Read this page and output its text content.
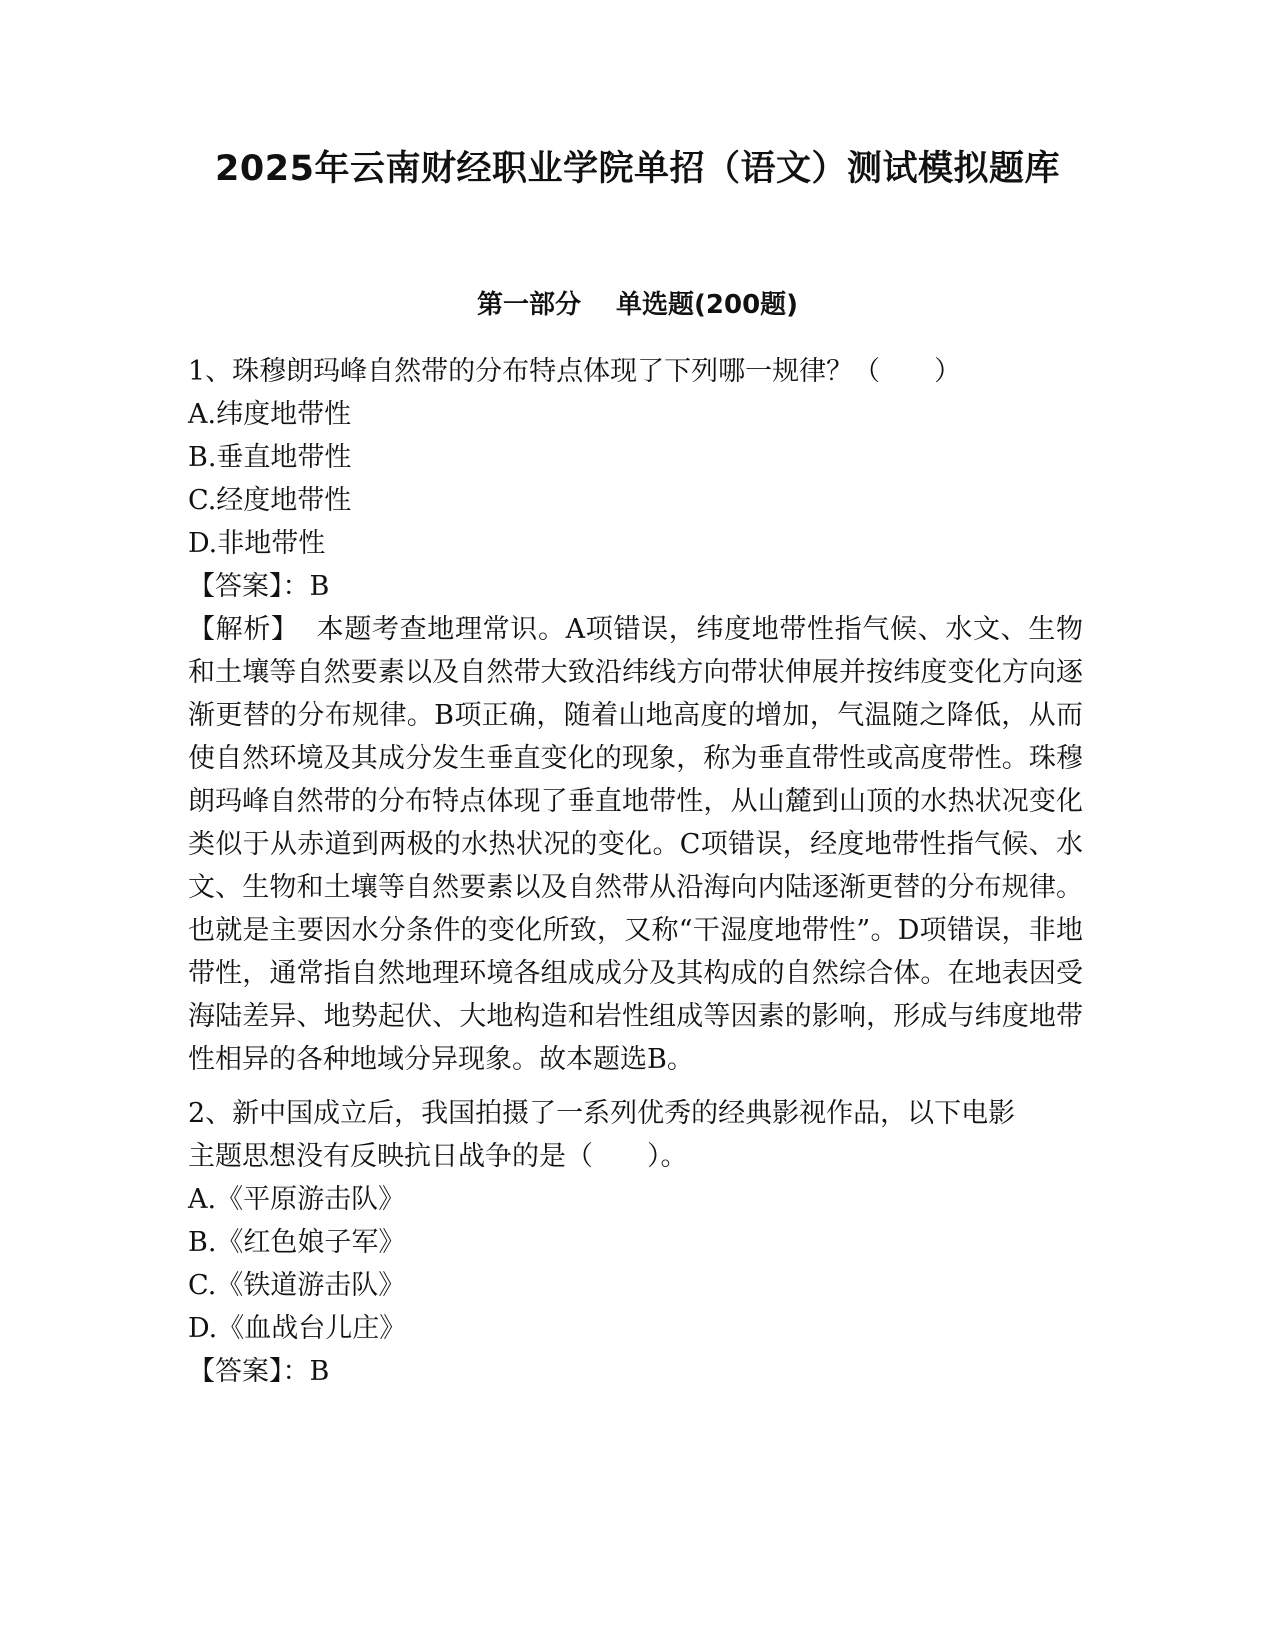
2025年云南财经职业学院单招（语文）测试模拟题库
第一部分　 单选题(200题)
1、珠穆朗玛峰自然带的分布特点体现了下列哪一规律？（　　）
A.纬度地带性
B.垂直地带性
C.经度地带性
D.非地带性
【答案】：B
【解析】 本题考查地理常识。A项错误，纬度地带性指气候、水文、生物和土壤等自然要素以及自然带大致沿纬线方向带状伸展并按纬度变化方向逐渐更替的分布规律。B项正确，随着山地高度的增加，气温随之降低，从而使自然环境及其成分发生垂直变化的现象，称为垂直带性或高度带性。珠穆朗玛峰自然带的分布特点体现了垂直地带性，从山麓到山顶的水热状况变化类似于从赤道到两极的水热状况的变化。C项错误，经度地带性指气候、水文、生物和土壤等自然要素以及自然带从沿海向内陆逐渐更替的分布规律。也就是主要因水分条件的变化所致，又称“干湿度地带性”。D项错误，非地带性，通常指自然地理环境各组成成分及其构成的自然综合体。在地表因受海陆差异、地势起伏、大地构造和岩性组成等因素的影响，形成与纬度地带性相异的各种地域分异现象。故本题选B。
2、新中国成立后，我国拍摄了一系列优秀的经典影视作品，以下电影
主题思想没有反映抗日战争的是（　　）。
A.《平原游击队》
B.《红色娘子军》
C.《铁道游击队》
D.《血战台儿庄》
【答案】：B
